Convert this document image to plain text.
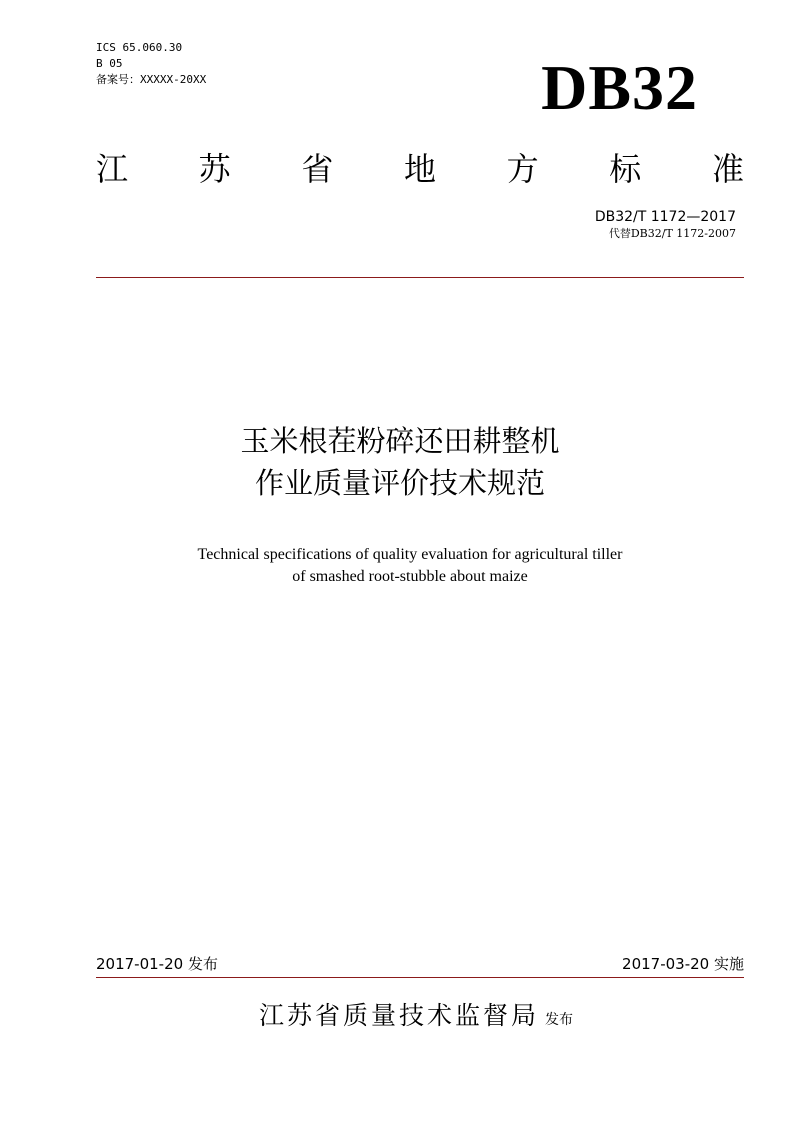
ICS 65.060.30
B 05
备案号：XXXXX-20XX	DB32
江 苏 省 地 方 标 准
DB32/T 1172—2017
代替DB32/T 1172-2007
玉米根茬粉碎还田耕整机
作业质量评价技术规范
Technical specifications of quality evaluation for agricultural tiller
of smashed root-stubble about maize
2017-01-20 发布	2017-03-20 实施
江苏省质量技术监督局 发布
